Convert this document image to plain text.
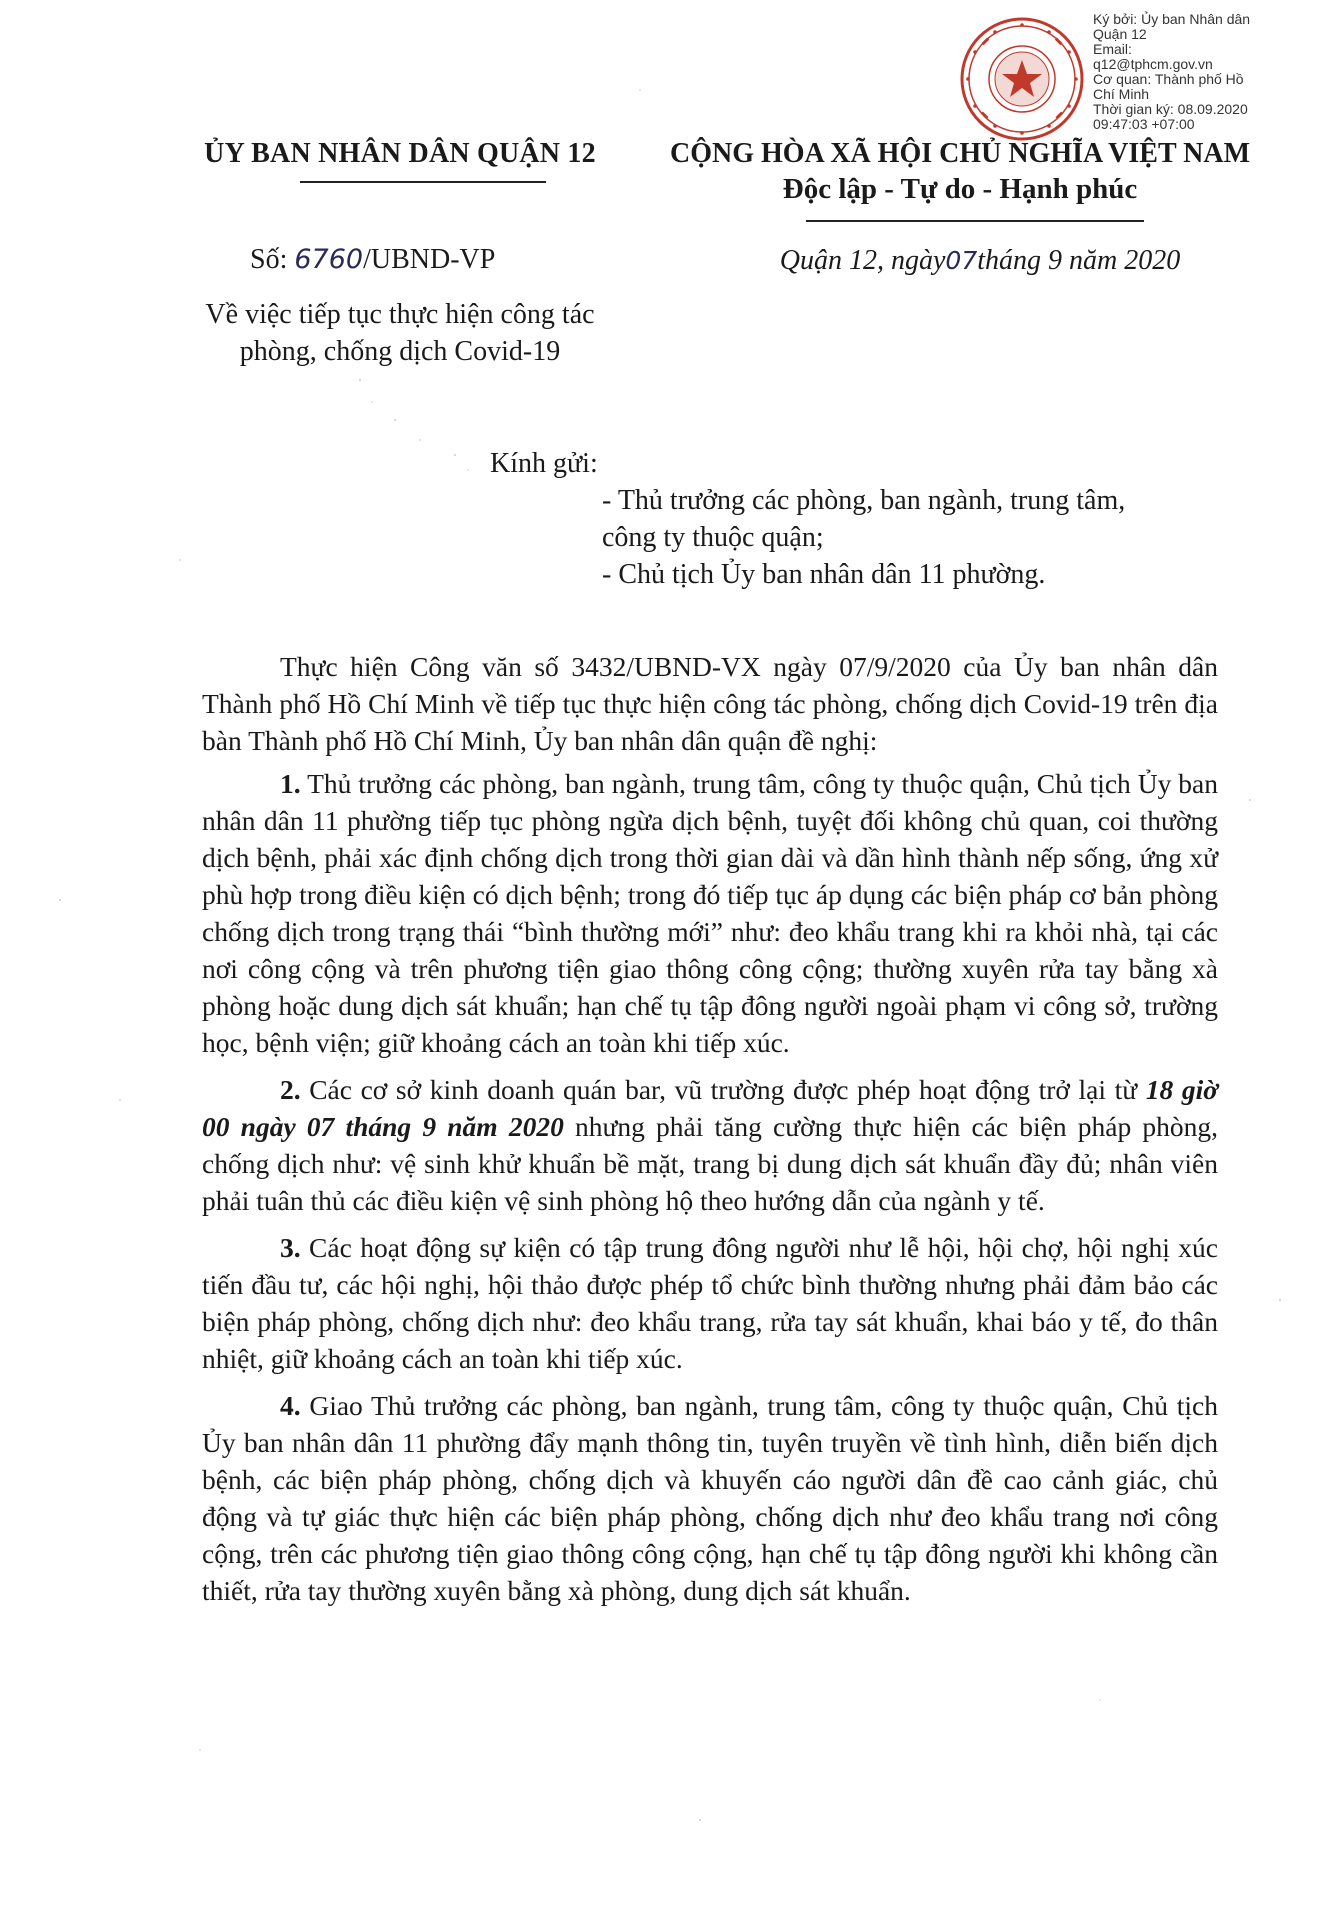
Ký bởi: Ủy ban Nhân dân
Quận 12
Email:
q12@tphcm.gov.vn
Cơ quan: Thành phố Hồ
Chí Minh
Thời gian ký: 08.09.2020
09:47:03 +07:00
ỦY BAN NHÂN DÂN QUẬN 12	CỘNG HÒA XÃ HỘI CHỦ NGHĨA VIỆT NAM
Độc lập - Tự do - Hạnh phúc
Số: 6760/UBND-VP	Quận 12, ngày07tháng 9 năm 2020
Về việc tiếp tục thực hiện công tác
phòng, chống dịch Covid-19
Kính gửi:
- Thủ trưởng các phòng, ban ngành, trung tâm,
công ty thuộc quận;
- Chủ tịch Ủy ban nhân dân 11 phường.

Thực hiện Công văn số 3432/UBND-VX ngày 07/9/2020 của Ủy ban nhân dân Thành phố Hồ Chí Minh về tiếp tục thực hiện công tác phòng, chống dịch Covid-19 trên địa bàn Thành phố Hồ Chí Minh, Ủy ban nhân dân quận đề nghị:

1. Thủ trưởng các phòng, ban ngành, trung tâm, công ty thuộc quận, Chủ tịch Ủy ban nhân dân 11 phường tiếp tục phòng ngừa dịch bệnh, tuyệt đối không chủ quan, coi thường dịch bệnh, phải xác định chống dịch trong thời gian dài và dần hình thành nếp sống, ứng xử phù hợp trong điều kiện có dịch bệnh; trong đó tiếp tục áp dụng các biện pháp cơ bản phòng chống dịch trong trạng thái “bình thường mới” như: đeo khẩu trang khi ra khỏi nhà, tại các nơi công cộng và trên phương tiện giao thông công cộng; thường xuyên rửa tay bằng xà phòng hoặc dung dịch sát khuẩn; hạn chế tụ tập đông người ngoài phạm vi công sở, trường học, bệnh viện; giữ khoảng cách an toàn khi tiếp xúc.

2. Các cơ sở kinh doanh quán bar, vũ trường được phép hoạt động trở lại từ 18 giờ 00 ngày 07 tháng 9 năm 2020 nhưng phải tăng cường thực hiện các biện pháp phòng, chống dịch như: vệ sinh khử khuẩn bề mặt, trang bị dung dịch sát khuẩn đầy đủ; nhân viên phải tuân thủ các điều kiện vệ sinh phòng hộ theo hướng dẫn của ngành y tế.

3. Các hoạt động sự kiện có tập trung đông người như lễ hội, hội chợ, hội nghị xúc tiến đầu tư, các hội nghị, hội thảo được phép tổ chức bình thường nhưng phải đảm bảo các biện pháp phòng, chống dịch như: đeo khẩu trang, rửa tay sát khuẩn, khai báo y tế, đo thân nhiệt, giữ khoảng cách an toàn khi tiếp xúc.

4. Giao Thủ trưởng các phòng, ban ngành, trung tâm, công ty thuộc quận, Chủ tịch Ủy ban nhân dân 11 phường đẩy mạnh thông tin, tuyên truyền về tình hình, diễn biến dịch bệnh, các biện pháp phòng, chống dịch và khuyến cáo người dân đề cao cảnh giác, chủ động và tự giác thực hiện các biện pháp phòng, chống dịch như đeo khẩu trang nơi công cộng, trên các phương tiện giao thông công cộng, hạn chế tụ tập đông người khi không cần thiết, rửa tay thường xuyên bằng xà phòng, dung dịch sát khuẩn.
